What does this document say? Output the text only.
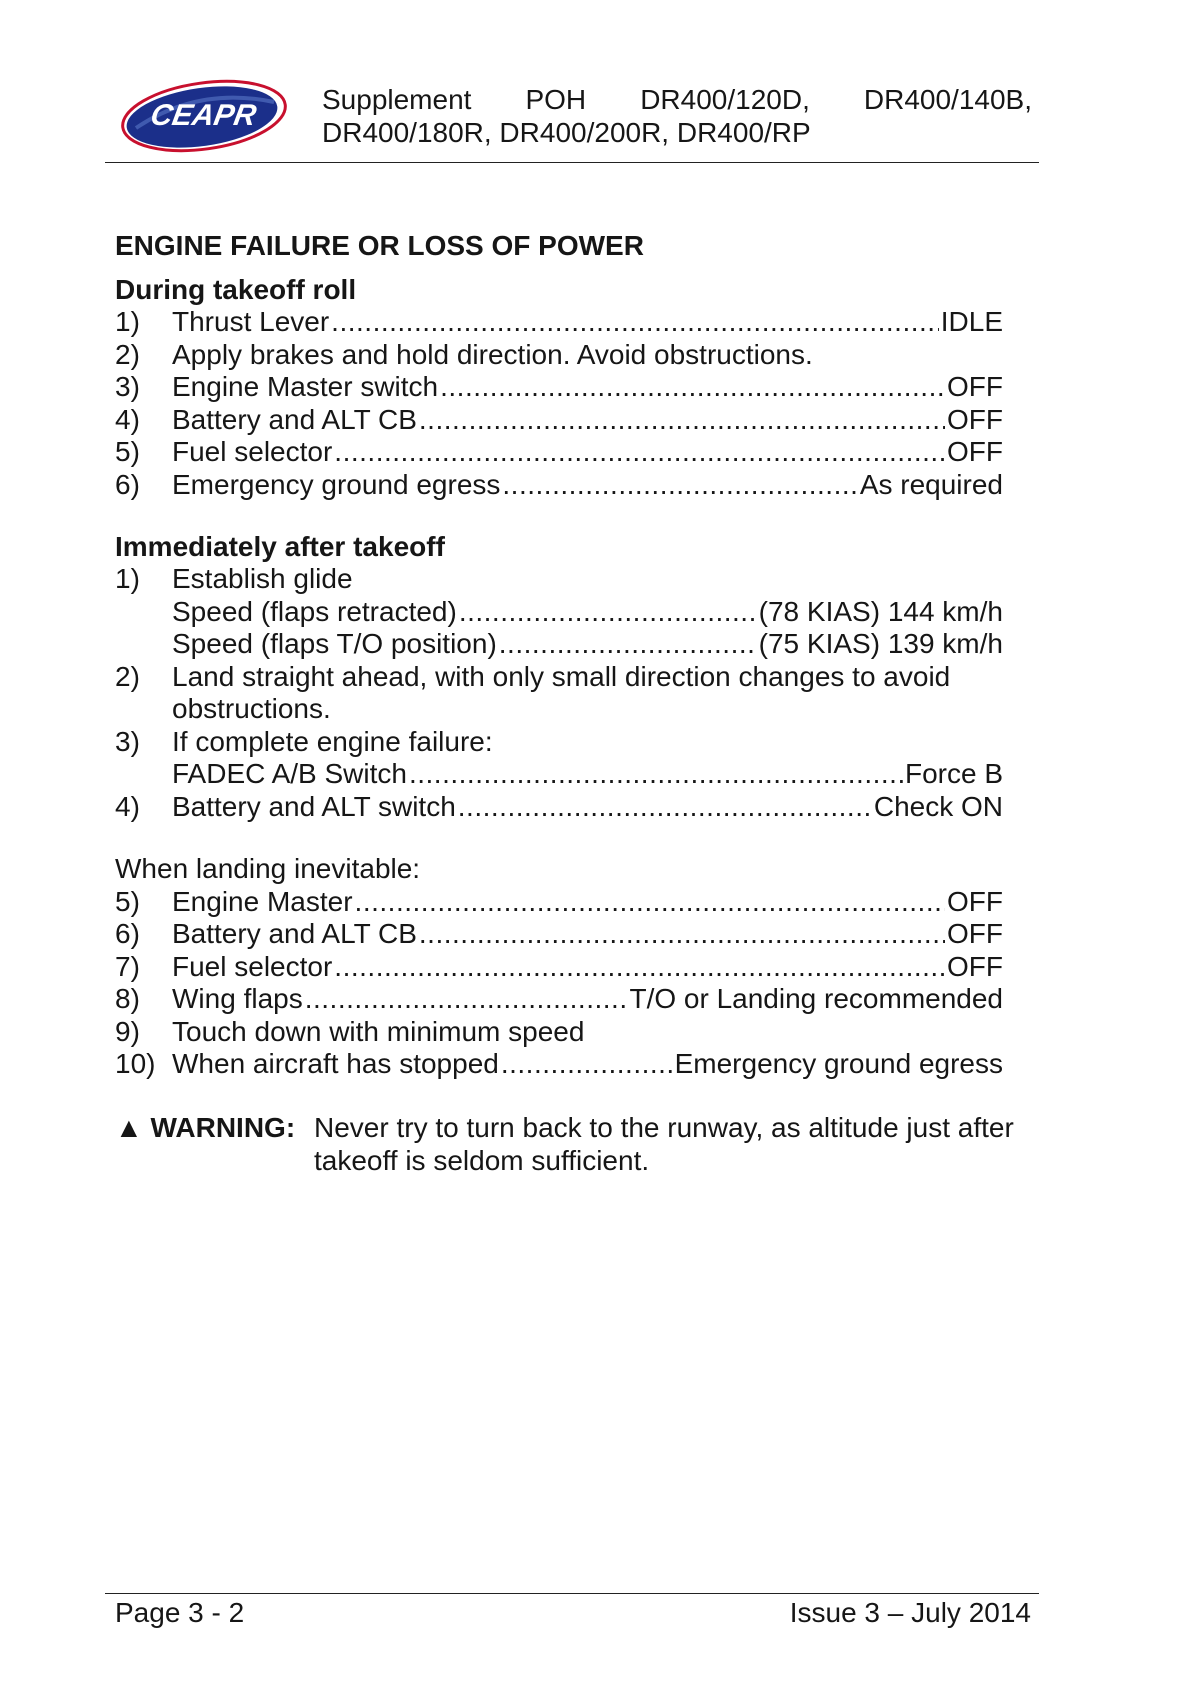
CEAPR Supplement POH DR400/120D, DR400/140B,
DR400/180R, DR400/200R, DR400/RP
ENGINE FAILURE OR LOSS OF POWER
During takeoff roll
1)	Thrust Lever .....	IDLE
2)	Apply brakes and hold direction. Avoid obstructions.
3)	Engine Master switch .....	OFF
4)	Battery and ALT CB .....	OFF
5)	Fuel selector .....	OFF
6)	Emergency ground egress .....	As required
Immediately after takeoff
1)	Establish glide
Speed (flaps retracted) .....	(78 KIAS) 144 km/h
Speed (flaps T/O position) .....	(75 KIAS) 139 km/h
2)	Land straight ahead, with only small direction changes to avoid obstructions.
3)	If complete engine failure:
FADEC A/B Switch .....	Force B
4)	Battery and ALT switch .....	Check ON
When landing inevitable:
5)	Engine Master .....	OFF
6)	Battery and ALT CB .....	OFF
7)	Fuel selector .....	OFF
8)	Wing flaps .....	T/O or Landing recommended
9)	Touch down with minimum speed
10) When aircraft has stopped .....	Emergency ground egress
▲ WARNING: Never try to turn back to the runway, as altitude just after takeoff is seldom sufficient.
Page 3 - 2	Issue 3 – July 2014
